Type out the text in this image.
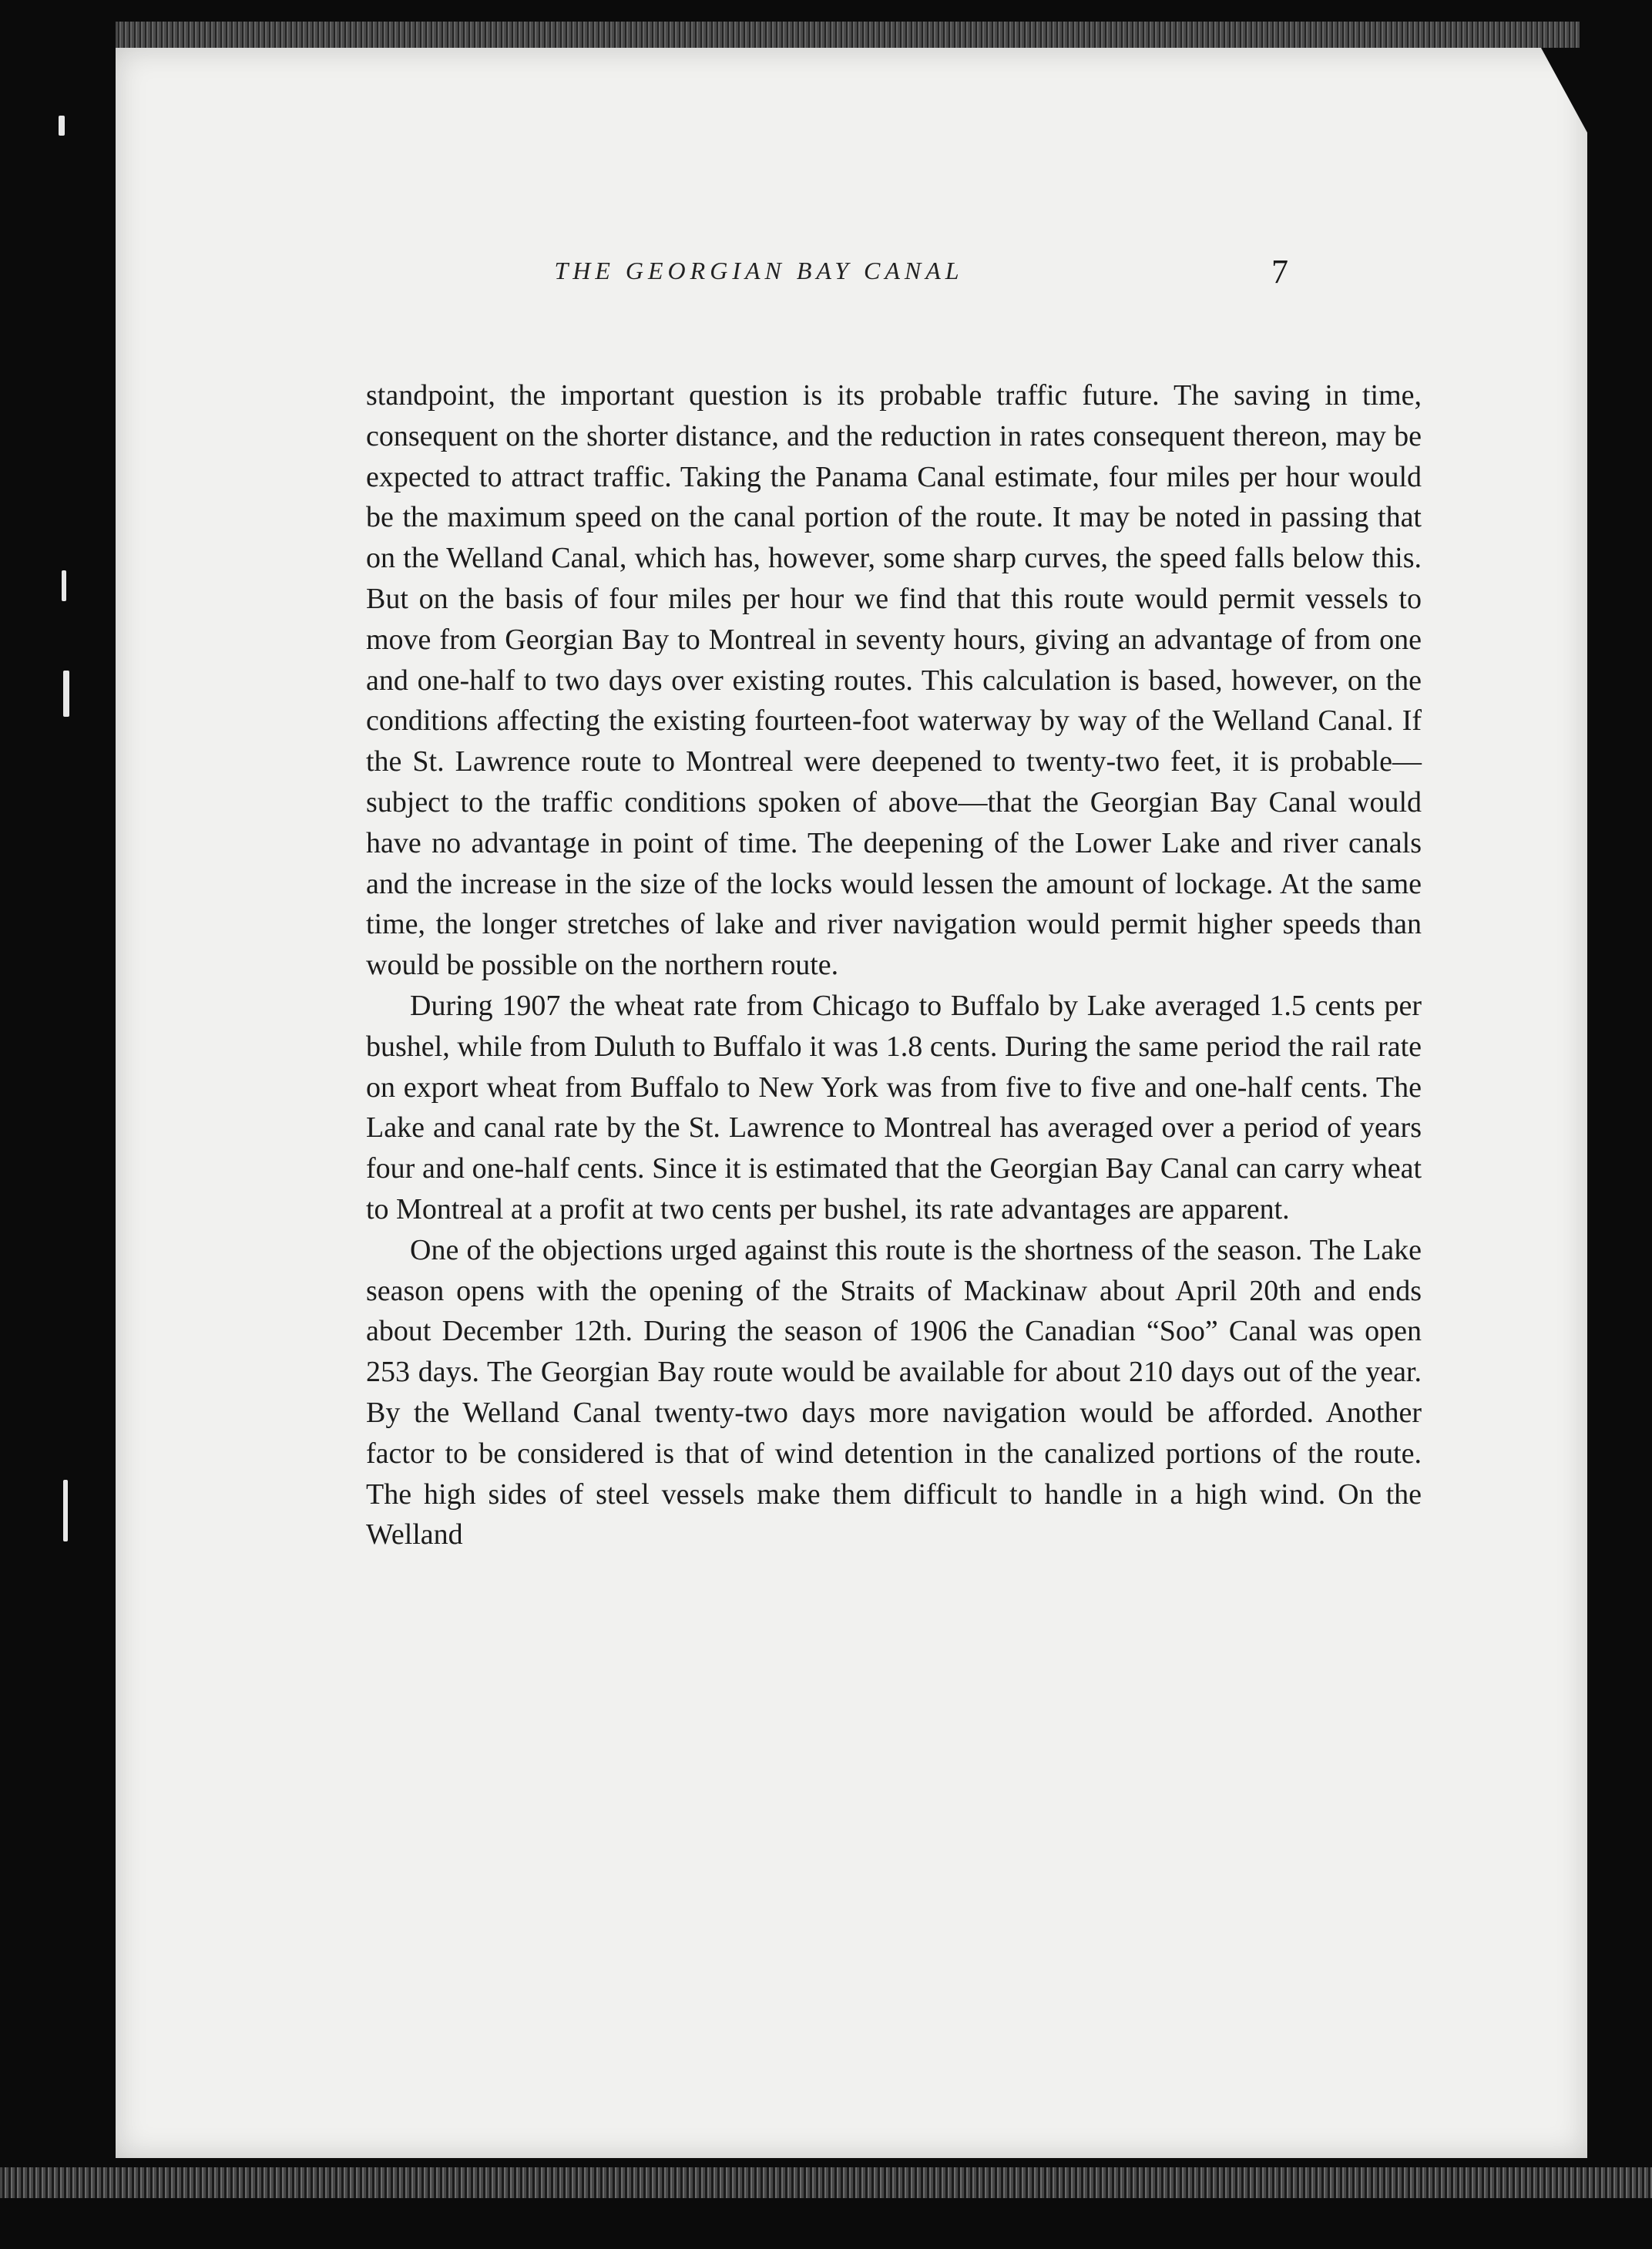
THE GEORGIAN BAY CANAL	7

standpoint, the important question is its probable traffic future. The saving in time, consequent on the shorter distance, and the reduction in rates consequent thereon, may be expected to attract traffic. Taking the Panama Canal estimate, four miles per hour would be the maximum speed on the canal portion of the route. It may be noted in passing that on the Welland Canal, which has, however, some sharp curves, the speed falls below this. But on the basis of four miles per hour we find that this route would permit vessels to move from Georgian Bay to Montreal in seventy hours, giving an advantage of from one and one-half to two days over existing routes. This calculation is based, however, on the conditions affecting the existing fourteen-foot waterway by way of the Welland Canal. If the St. Lawrence route to Montreal were deepened to twenty-two feet, it is probable—subject to the traffic conditions spoken of above—that the Georgian Bay Canal would have no advantage in point of time. The deepening of the Lower Lake and river canals and the increase in the size of the locks would lessen the amount of lockage. At the same time, the longer stretches of lake and river navigation would permit higher speeds than would be possible on the northern route.

During 1907 the wheat rate from Chicago to Buffalo by Lake averaged 1.5 cents per bushel, while from Duluth to Buffalo it was 1.8 cents. During the same period the rail rate on export wheat from Buffalo to New York was from five to five and one-half cents. The Lake and canal rate by the St. Lawrence to Montreal has averaged over a period of years four and one-half cents. Since it is estimated that the Georgian Bay Canal can carry wheat to Montreal at a profit at two cents per bushel, its rate advantages are apparent.

One of the objections urged against this route is the shortness of the season. The Lake season opens with the opening of the Straits of Mackinaw about April 20th and ends about December 12th. During the season of 1906 the Canadian “Soo” Canal was open 253 days. The Georgian Bay route would be available for about 210 days out of the year. By the Welland Canal twenty-two days more navigation would be afforded. Another factor to be considered is that of wind detention in the canalized portions of the route. The high sides of steel vessels make them difficult to handle in a high wind. On the Welland
